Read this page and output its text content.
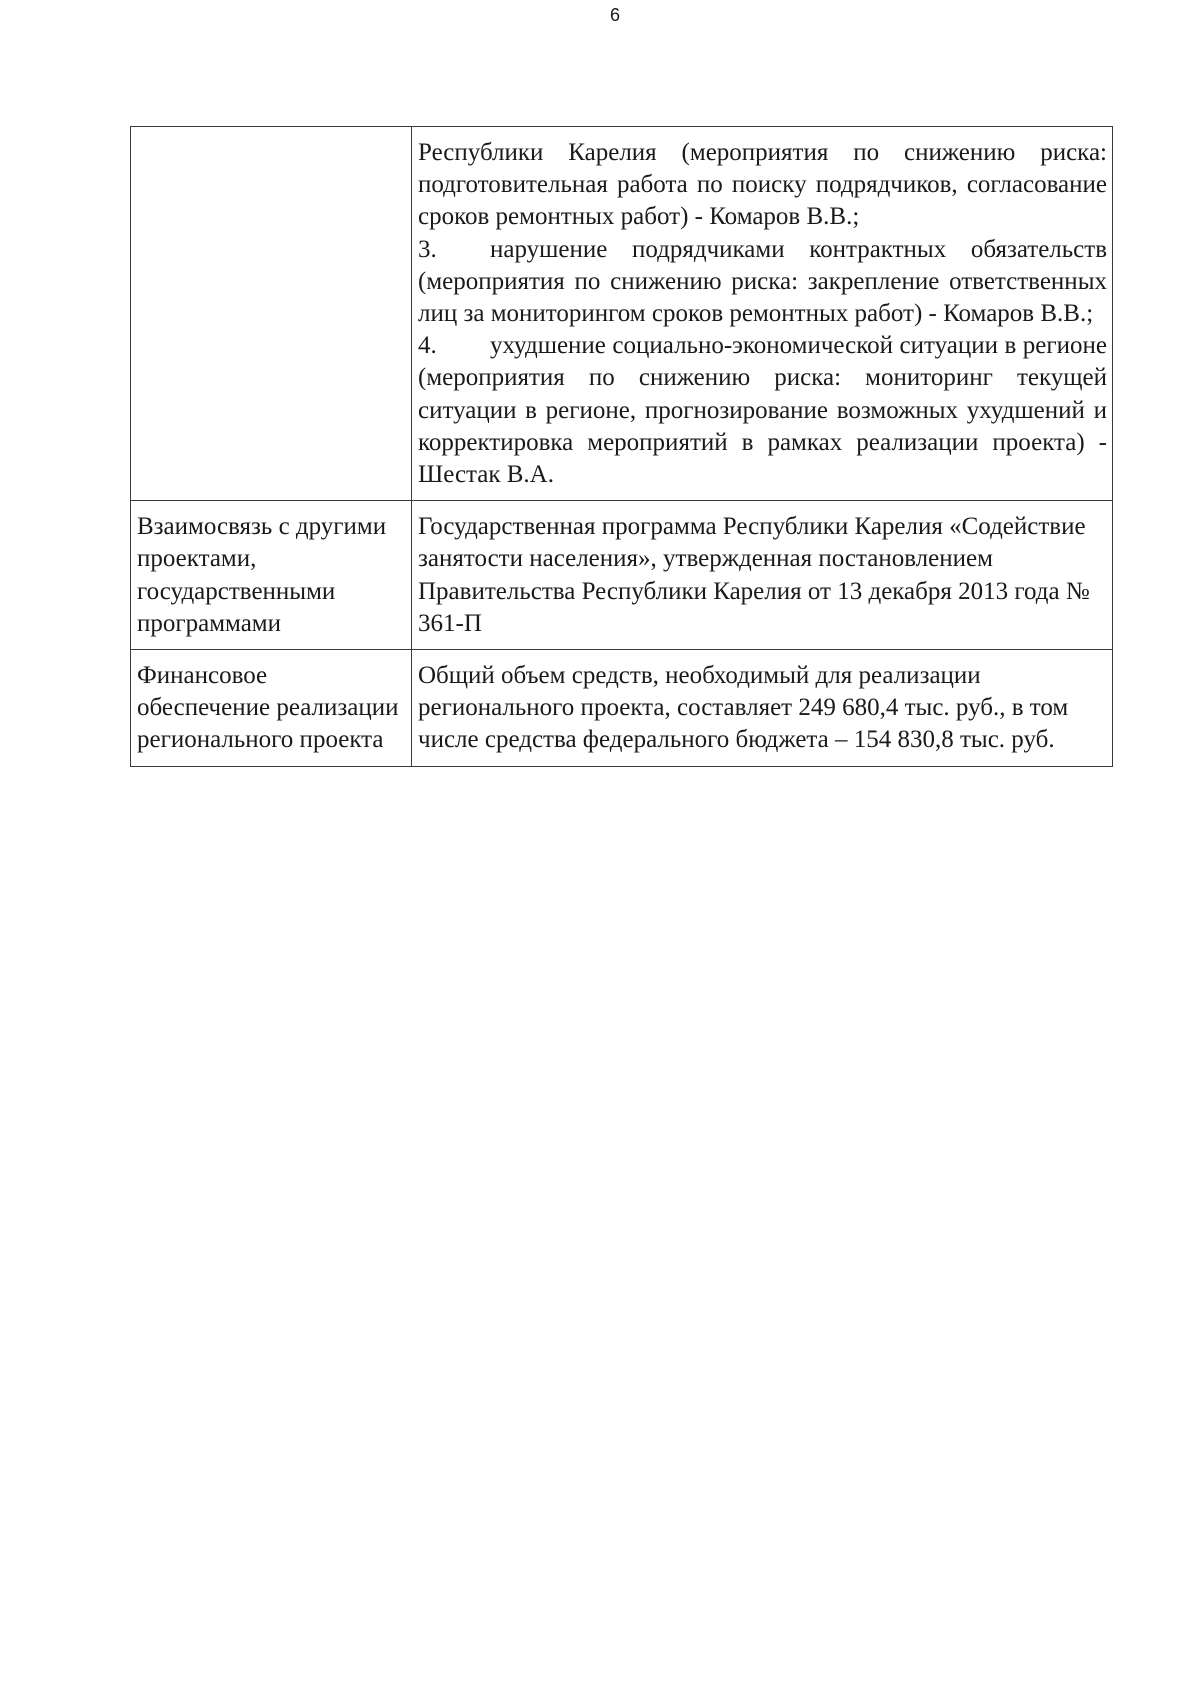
6

	Республики Карелия (мероприятия по снижению риска: подготовительная работа по поиску подрядчиков, согласование сроков ремонтных работ) - Комаров В.В.;

3. нарушение подрядчиками контрактных обязательств (мероприятия по снижению риска: закрепление ответственных лиц за мониторингом сроков ремонтных работ) - Комаров В.В.;

4. ухудшение социально-экономической ситуации в регионе (мероприятия по снижению риска: мониторинг текущей ситуации в регионе, прогнозирование возможных ухудшений и корректировка мероприятий в рамках реализации проекта) - Шестак В.А.

Взаимосвязь с другими проектами, государственными программами	Государственная программа Республики Карелия «Содействие занятости населения», утвержденная постановлением Правительства Республики Карелия от 13 декабря 2013 года № 361-П

Финансовое обеспечение реализации регионального проекта	Общий объем средств, необходимый для реализации регионального проекта, составляет 249 680,4 тыс. руб., в том числе средства федерального бюджета – 154 830,8 тыс. руб.
